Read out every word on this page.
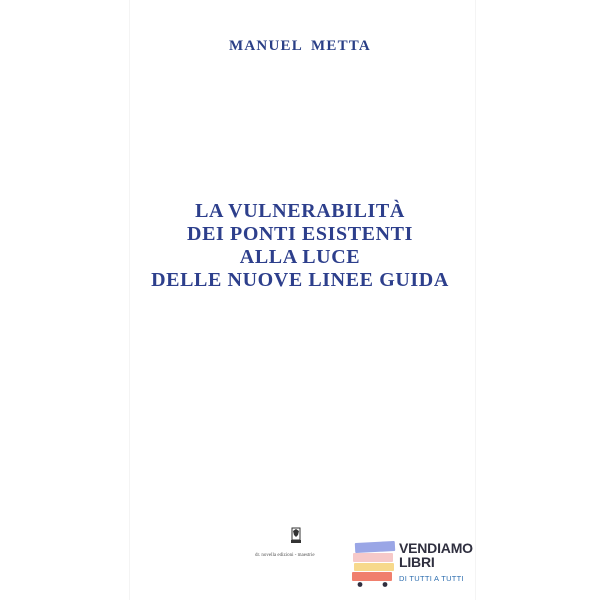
MANUEL METTA
LA VULNERABILITÀ
DEI PONTI ESISTENTI
ALLA LUCE
DELLE NUOVE LINEE GUIDA
dr. novella edizioni - maestrie	VENDIAMO
LIBRI
DI TUTTI A TUTTI
